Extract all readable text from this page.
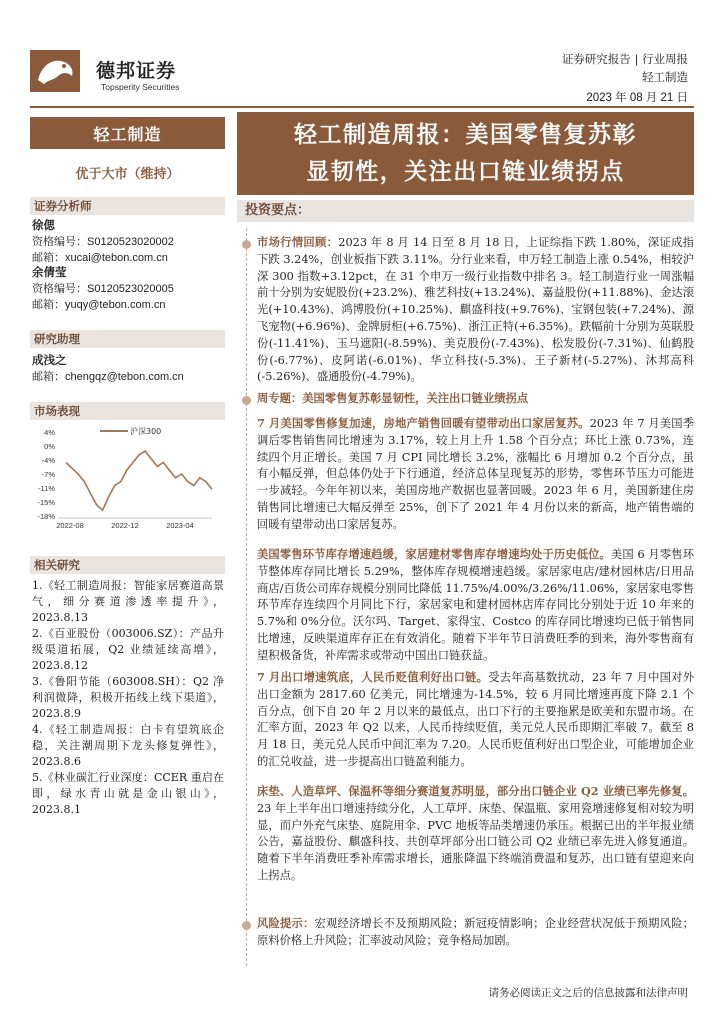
德邦证券
Topsperity Securities
证券研究报告 | 行业周报
轻工制造
2023 年 08 月 21 日
轻工制造
优于大市（维持）
证券分析师
徐偲
资格编号：S0120523020002
邮箱：xucai@tebon.com.cn
余倩莹
资格编号：S0120523020005
邮箱：yuqy@tebon.com.cn
研究助理
成浅之
邮箱：chengqz@tebon.com.cn
市场表现
4%
0%
-4%
-7%
-11%
-15%
-18%
2022-08	2022-12	2023-04
沪深300
相关研究
1.《轻工制造周报：智能家居赛道高景气，细分赛道渗透率提升》，2023.8.13
2.《百亚股份（003006.SZ）：产品升级渠道拓展，Q2 业绩延续高增》，2023.8.12
3.《鲁阳节能（603008.SH）：Q2 净利润微降，积极开拓线上线下渠道》，2023.8.9
4.《轻工制造周报：白卡有望筑底企稳，关注潮周期下龙头修复弹性》，2023.8.6
5.《林业碳汇行业深度：CCER 重启在即，绿水青山就是金山银山》，2023.8.1
轻工制造周报：美国零售复苏彰
显韧性，关注出口链业绩拐点
投资要点：
市场行情回顾：2023 年 8 月 14 日至 8 月 18 日，上证综指下跌 1.80%，深证成指下跌 3.24%，创业板指下跌 3.11%。分行业来看，申万轻工制造上涨 0.54%，相较沪深 300 指数+3.12pct，在 31 个申万一级行业指数中排名 3。轻工制造行业一周涨幅前十分别为安妮股份(+23.2%)、雅艺科技(+13.24%)、嘉益股份(+11.88%)、金达滚光(+10.43%)、鸿博股份(+10.25%)、麒盛科技(+9.76%)、宝钢包装(+7.24%)、源飞宠物(+6.96%)、金牌厨柜(+6.75%)、浙江正特(+6.35%)。跌幅前十分别为英联股份(-11.41%)、玉马遮阳(-8.59%)、美克股份(-7.43%)、松发股份(-7.31%)、仙鹤股份(-6.77%)、皮阿诺(-6.01%)、华立科技(-5.3%)、王子新材(-5.27%)、沐邦高科(-5.26%)、盛通股份(-4.79%)。
周专题：美国零售复苏彰显韧性，关注出口链业绩拐点
7 月美国零售修复加速，房地产销售回暖有望带动出口家居复苏。2023 年 7 月美国季调后零售销售同比增速为 3.17%，较上月上升 1.58 个百分点；环比上涨 0.73%，连续四个月正增长。美国 7 月 CPI 同比增长 3.2%，涨幅比 6 月增加 0.2 个百分点，虽有小幅反弹，但总体仍处于下行通道，经济总体呈现复苏的形势，零售环节压力可能进一步减轻。今年年初以来，美国房地产数据也显著回暖。2023 年 6 月，美国新建住房销售同比增速已大幅反弹至 25%，创下了 2021 年 4 月份以来的新高，地产销售端的回暖有望带动出口家居复苏。
美国零售环节库存增速趋缓，家居建材零售库存增速均处于历史低位。美国 6 月零售环节整体库存同比增长 5.29%，整体库存规模增速趋缓。家居家电店/建材园林店/日用品商店/百货公司库存规模分别同比降低 11.75%/4.00%/3.26%/11.06%，家居家电零售环节库存连续四个月同比下行，家居家电和建材园林店库存同比分别处于近 10 年来的 5.7%和 0%分位。沃尔玛、Target、家得宝、Costco 的库存同比增速均已低于销售同比增速，反映渠道库存正在有效消化。随着下半年节日消费旺季的到来，海外零售商有望积极备货，补库需求或带动中国出口链获益。
7 月出口增速筑底，人民币贬值利好出口链。受去年高基数扰动，23 年 7 月中国对外出口金额为 2817.60 亿美元，同比增速为-14.5%，较 6 月同比增速再度下降 2.1 个百分点，创下自 20 年 2 月以来的最低点，出口下行的主要拖累是欧美和东盟市场。在汇率方面，2023 年 Q2 以来，人民币持续贬值，美元兑人民币即期汇率破 7。截至 8 月 18 日，美元兑人民币中间汇率为 7.20。人民币贬值利好出口型企业，可能增加企业的汇兑收益，进一步提高出口链盈利能力。
床垫、人造草坪、保温杯等细分赛道复苏明显，部分出口链企业 Q2 业绩已率先修复。23 年上半年出口增速持续分化，人工草坪、床垫、保温瓶、家用瓷增速修复相对较为明显，而户外充气床垫、庭院用伞、PVC 地板等品类增速仍承压。根据已出的半年报业绩公告，嘉益股份、麒盛科技、共创草坪部分出口链公司 Q2 业绩已率先进入修复通道。随着下半年消费旺季补库需求增长，通胀降温下终端消费温和复苏，出口链有望迎来向上拐点。
风险提示：宏观经济增长不及预期风险；新冠疫情影响；企业经营状况低于预期风险；原料价格上升风险；汇率波动风险；竞争格局加剧。
请务必阅读正文之后的信息披露和法律声明
